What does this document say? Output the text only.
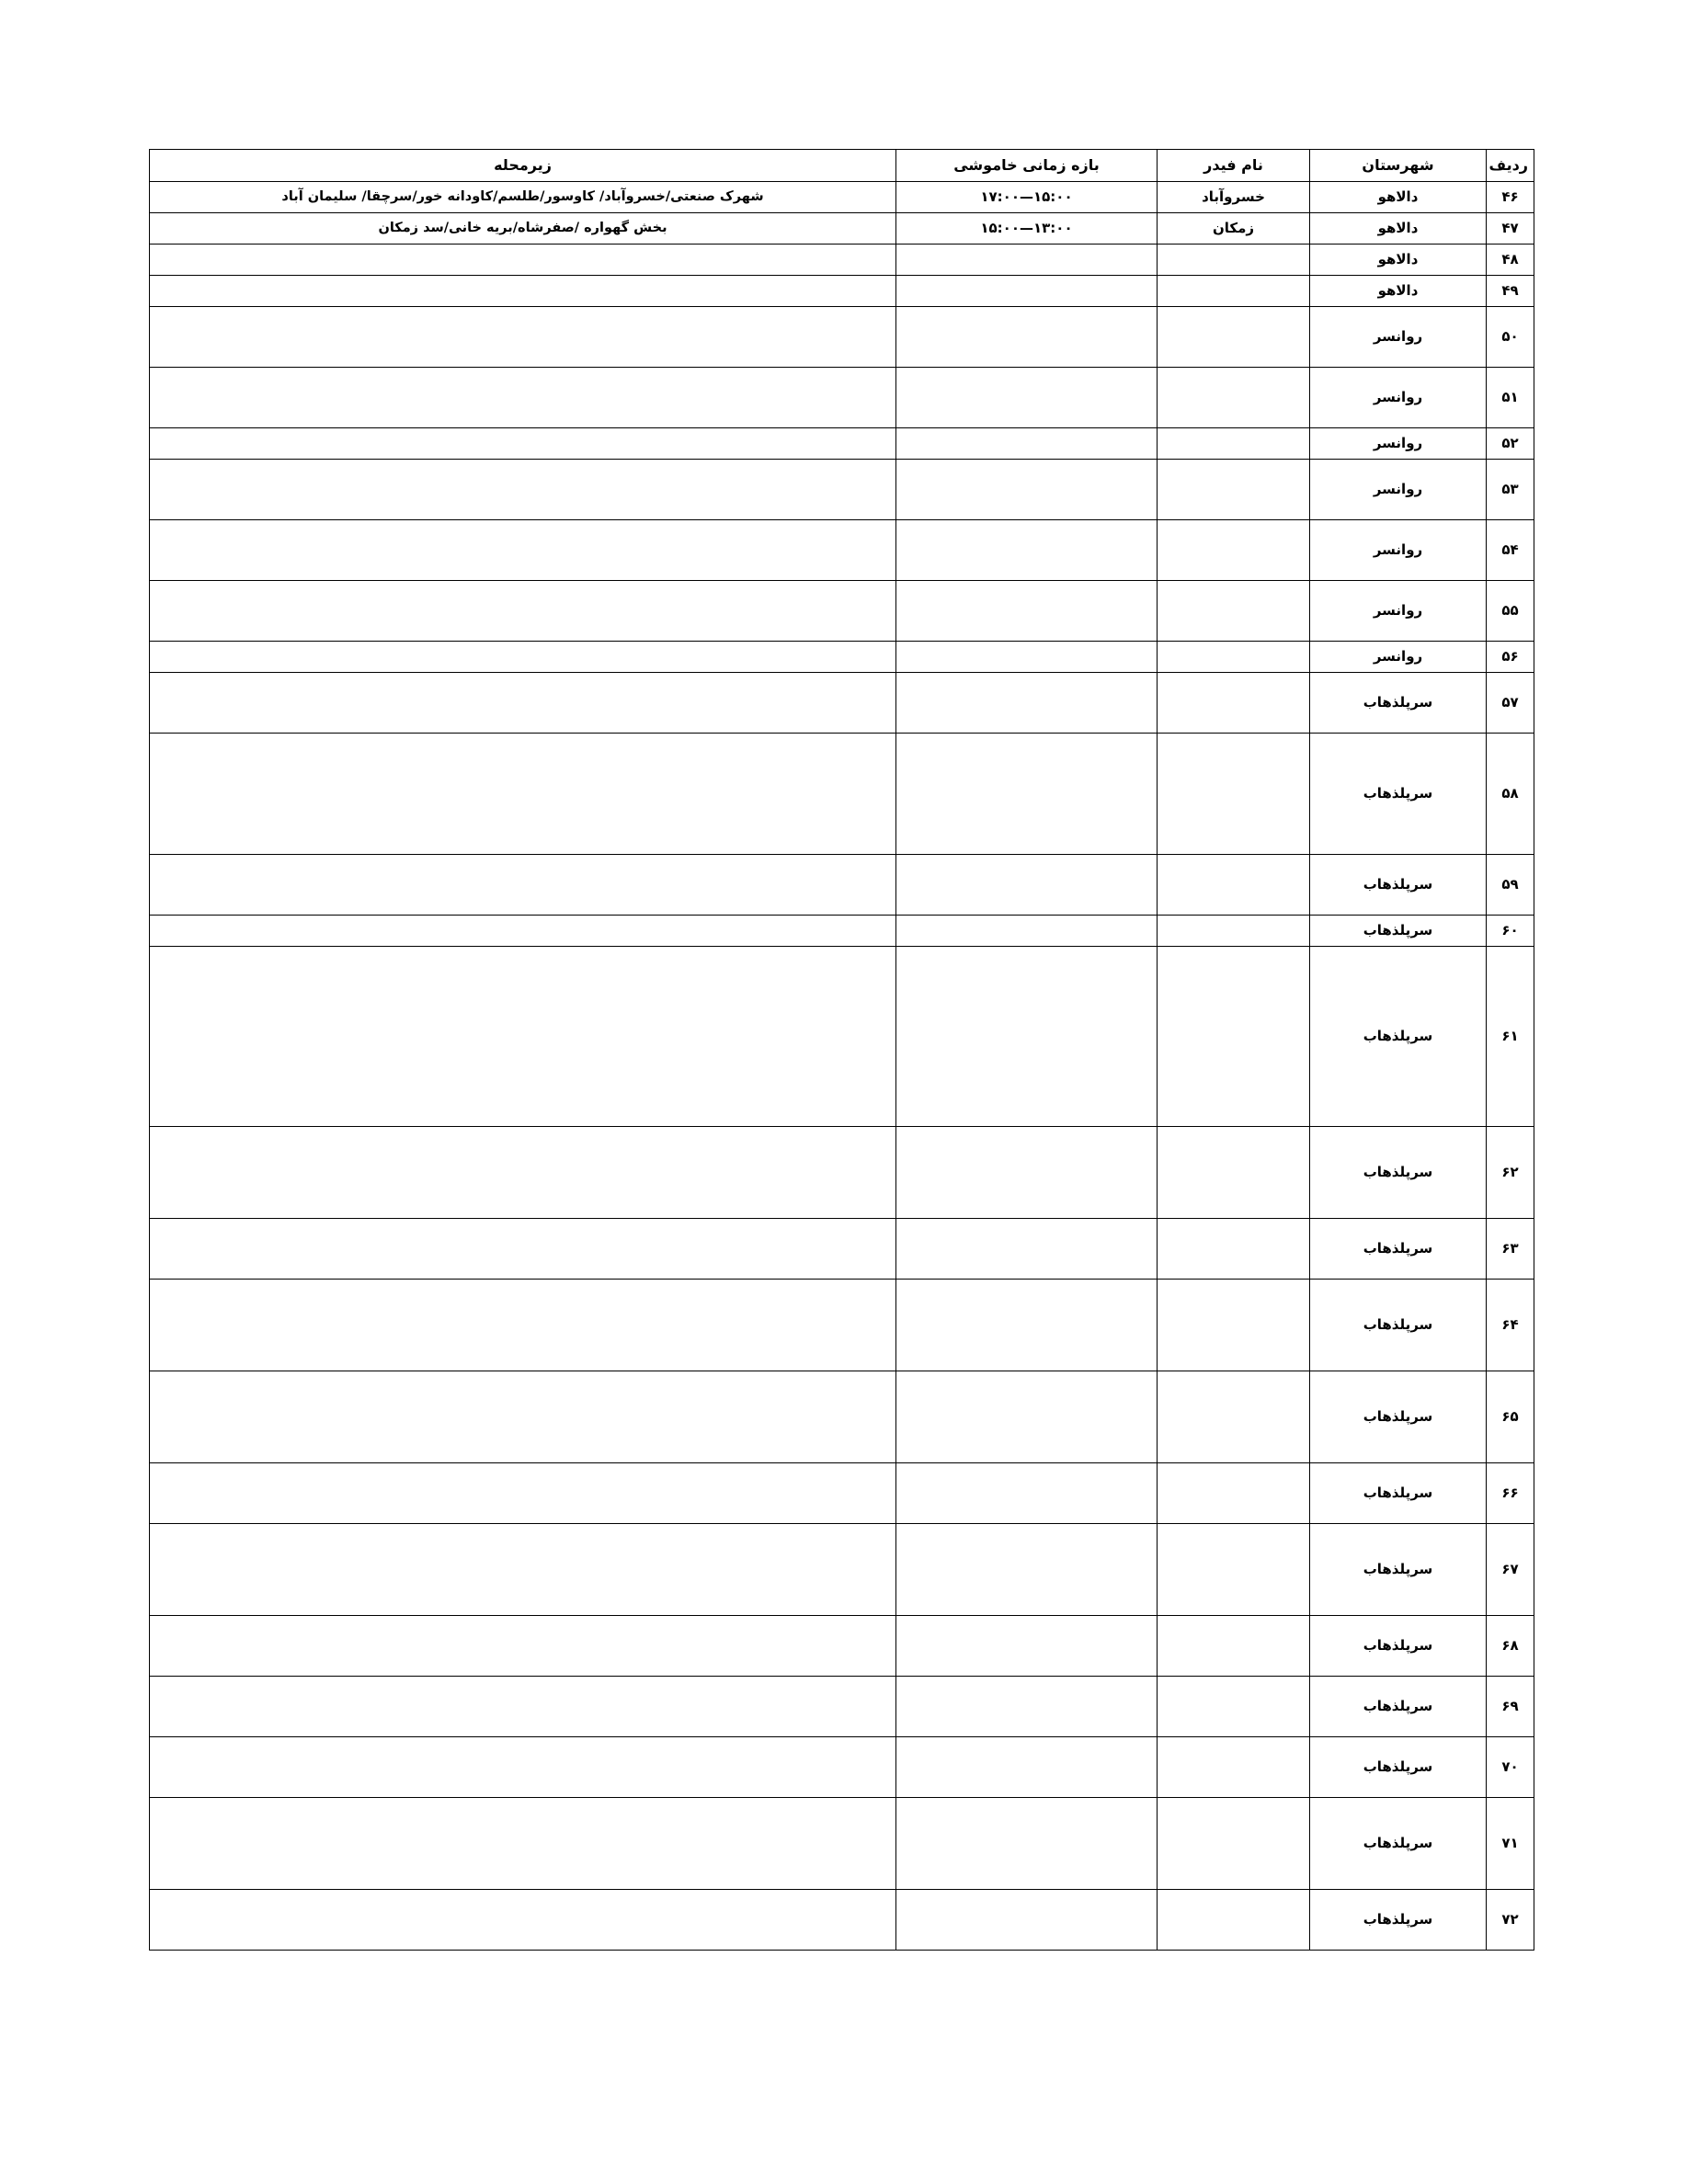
ردیف	شهرستان	نام فیدر	بازه زمانی خاموشی	زیرمحله
۴۶	دالاهو	خسروآباد	۱۷:۰۰—۱۵:۰۰	شهرک صنعتی/خسروآباد/ کاوسور/طلسم/کاودانه خور/سرچقا/ سلیمان آباد
۴۷	دالاهو	زمکان	۱۵:۰۰—۱۳:۰۰	بخش گهواره /صفرشاه/بریه خانی/سد زمکان
۴۸	دالاهو			
۴۹	دالاهو			
۵۰	روانسر			
۵۱	روانسر			
۵۲	روانسر			
۵۳	روانسر			
۵۴	روانسر			
۵۵	روانسر			
۵۶	روانسر			
۵۷	سرپلذهاب			
۵۸	سرپلذهاب			
۵۹	سرپلذهاب			
۶۰	سرپلذهاب			
۶۱	سرپلذهاب			
۶۲	سرپلذهاب			
۶۳	سرپلذهاب			
۶۴	سرپلذهاب			
۶۵	سرپلذهاب			
۶۶	سرپلذهاب			
۶۷	سرپلذهاب			
۶۸	سرپلذهاب			
۶۹	سرپلذهاب			
۷۰	سرپلذهاب			
۷۱	سرپلذهاب			
۷۲	سرپلذهاب			
